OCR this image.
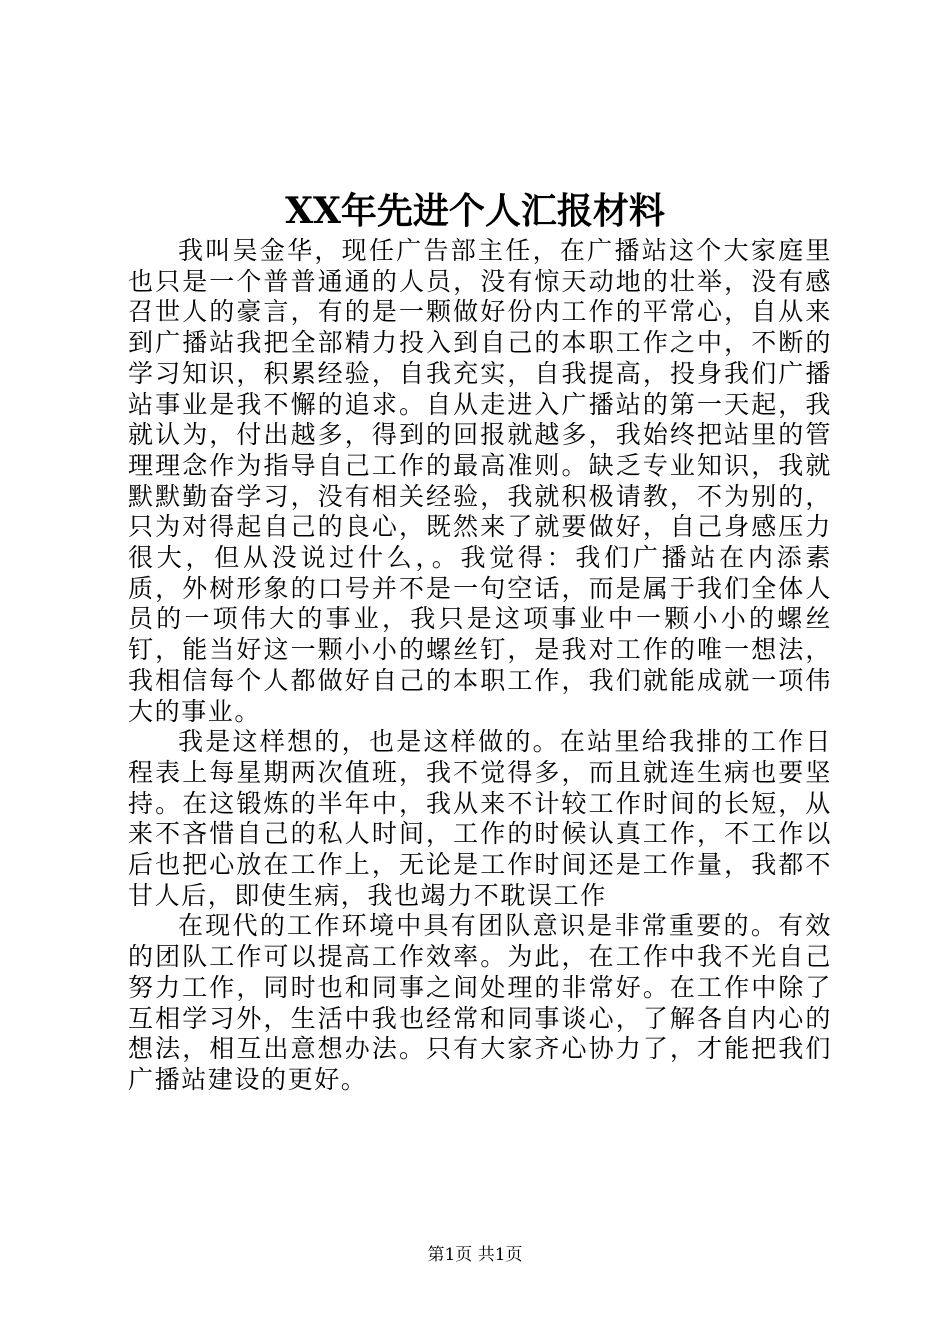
XX年先进个人汇报材料

我叫吴金华，现任广告部主任，在广播站这个大家庭里也只是一个普普通通的人员，没有惊天动地的壮举，没有感召世人的豪言，有的是一颗做好份内工作的平常心，自从来到广播站我把全部精力投入到自己的本职工作之中，不断的学习知识，积累经验，自我充实，自我提高，投身我们广播站事业是我不懈的追求。自从走进入广播站的第一天起，我就认为，付出越多，得到的回报就越多，我始终把站里的管理理念作为指导自己工作的最高准则。缺乏专业知识，我就默默勤奋学习，没有相关经验，我就积极请教，不为别的，只为对得起自己的良心，既然来了就要做好，自己身感压力很大，但从没说过什么，。我觉得：我们广播站在内添素质，外树形象的口号并不是一句空话，而是属于我们全体人员的一项伟大的事业，我只是这项事业中一颗小小的螺丝钉，能当好这一颗小小的螺丝钉，是我对工作的唯一想法，我相信每个人都做好自己的本职工作，我们就能成就一项伟大的事业。

我是这样想的，也是这样做的。在站里给我排的工作日程表上每星期两次值班，我不觉得多，而且就连生病也要坚持。在这锻炼的半年中，我从来不计较工作时间的长短，从来不吝惜自己的私人时间，工作的时候认真工作，不工作以后也把心放在工作上，无论是工作时间还是工作量，我都不甘人后，即使生病，我也竭力不耽误工作

在现代的工作环境中具有团队意识是非常重要的。有效的团队工作可以提高工作效率。为此，在工作中我不光自己努力工作，同时也和同事之间处理的非常好。在工作中除了互相学习外，生活中我也经常和同事谈心，了解各自内心的想法，相互出意想办法。只有大家齐心协力了，才能把我们广播站建设的更好。

第1页 共1页
